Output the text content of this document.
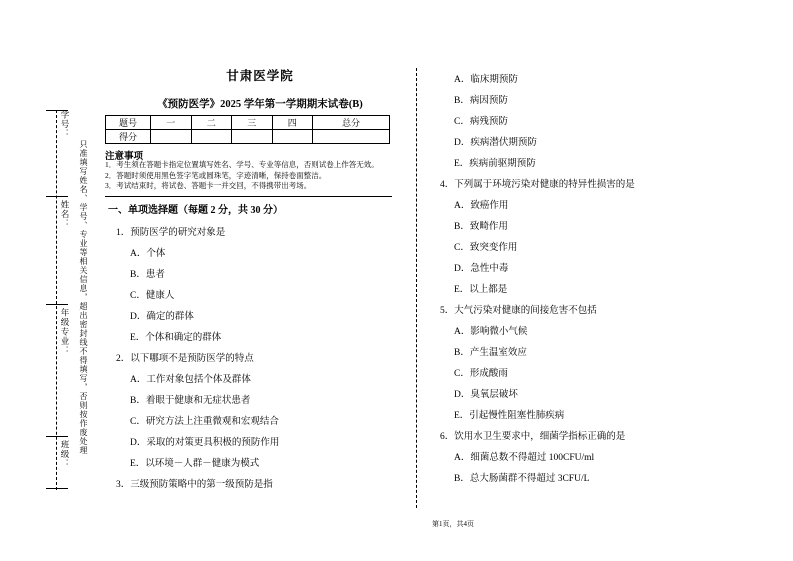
学号：
姓名：
年级专业：
班级：	只准填写姓名、学号、专业等相关信息，超出密封线不得填写，否则按作废处理
甘肃医学院
《预防医学》2025 学年第一学期期末试卷(B)
题号	一	二	三	四	总分
得分					
注意事项
1．考生须在答题卡指定位置填写姓名、学号、专业等信息，否则试卷上作答无效。
2．答题时须使用黑色签字笔或圆珠笔，字迹清晰，保持卷面整洁。
3．考试结束时，将试卷、答题卡一并交回，不得携带出考场。
一、单项选择题（每题 2 分，共 30 分）
1．预防医学的研究对象是
A．个体
B．患者
C．健康人
D．确定的群体
E．个体和确定的群体
2．以下哪项不是预防医学的特点
A．工作对象包括个体及群体
B．着眼于健康和无症状患者
C．研究方法上注重微观和宏观结合
D．采取的对策更具积极的预防作用
E．以环境－人群－健康为模式
3．三级预防策略中的第一级预防是指
A．临床期预防
B．病因预防
C．病残预防
D．疾病潜伏期预防
E．疾病前驱期预防
4．下列属于环境污染对健康的特异性损害的是
A．致癌作用
B．致畸作用
C．致突变作用
D．急性中毒
E．以上都是
5．大气污染对健康的间接危害不包括
A．影响微小气候
B．产生温室效应
C．形成酸雨
D．臭氧层破坏
E．引起慢性阻塞性肺疾病
6．饮用水卫生要求中，细菌学指标正确的是
A．细菌总数不得超过 100CFU/ml
B．总大肠菌群不得超过 3CFU/L
第1页，共4页
